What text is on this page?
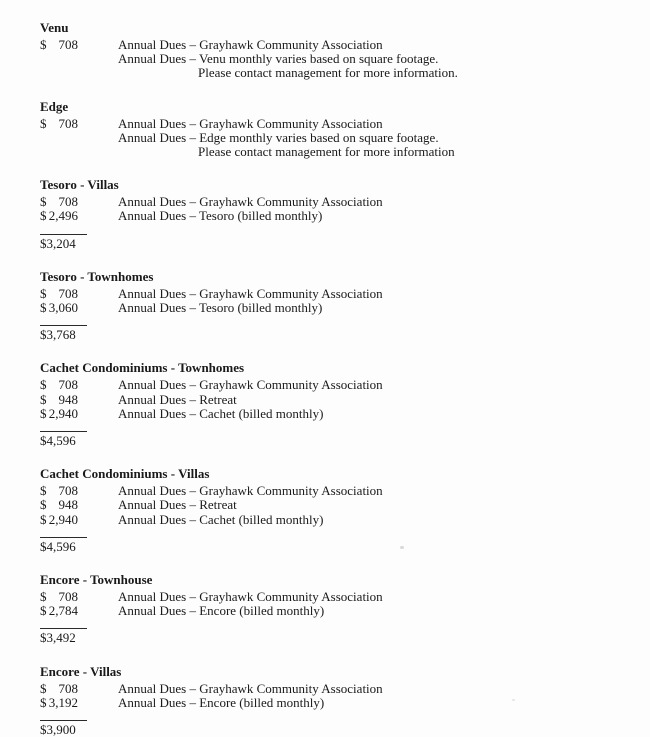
Venu
$ 708	Annual Dues – Grayhawk Community Association
Annual Dues – Venu monthly varies based on square footage.
Please contact management for more information.
Edge
$ 708	Annual Dues – Grayhawk Community Association
Annual Dues – Edge monthly varies based on square footage.
Please contact management for more information
Tesoro - Villas
$ 708	Annual Dues – Grayhawk Community Association
$ 2,496	Annual Dues – Tesoro (billed monthly)
$3,204
Tesoro - Townhomes
$ 708	Annual Dues – Grayhawk Community Association
$ 3,060	Annual Dues – Tesoro (billed monthly)
$3,768
Cachet Condominiums - Townhomes
$ 708	Annual Dues – Grayhawk Community Association
$ 948	Annual Dues – Retreat
$ 2,940	Annual Dues – Cachet (billed monthly)
$4,596
Cachet Condominiums - Villas
$ 708	Annual Dues – Grayhawk Community Association
$ 948	Annual Dues – Retreat
$ 2,940	Annual Dues – Cachet (billed monthly)
$4,596
Encore - Townhouse
$ 708	Annual Dues – Grayhawk Community Association
$ 2,784	Annual Dues – Encore (billed monthly)
$3,492
Encore - Villas
$ 708	Annual Dues – Grayhawk Community Association
$ 3,192	Annual Dues – Encore (billed monthly)
$3,900
